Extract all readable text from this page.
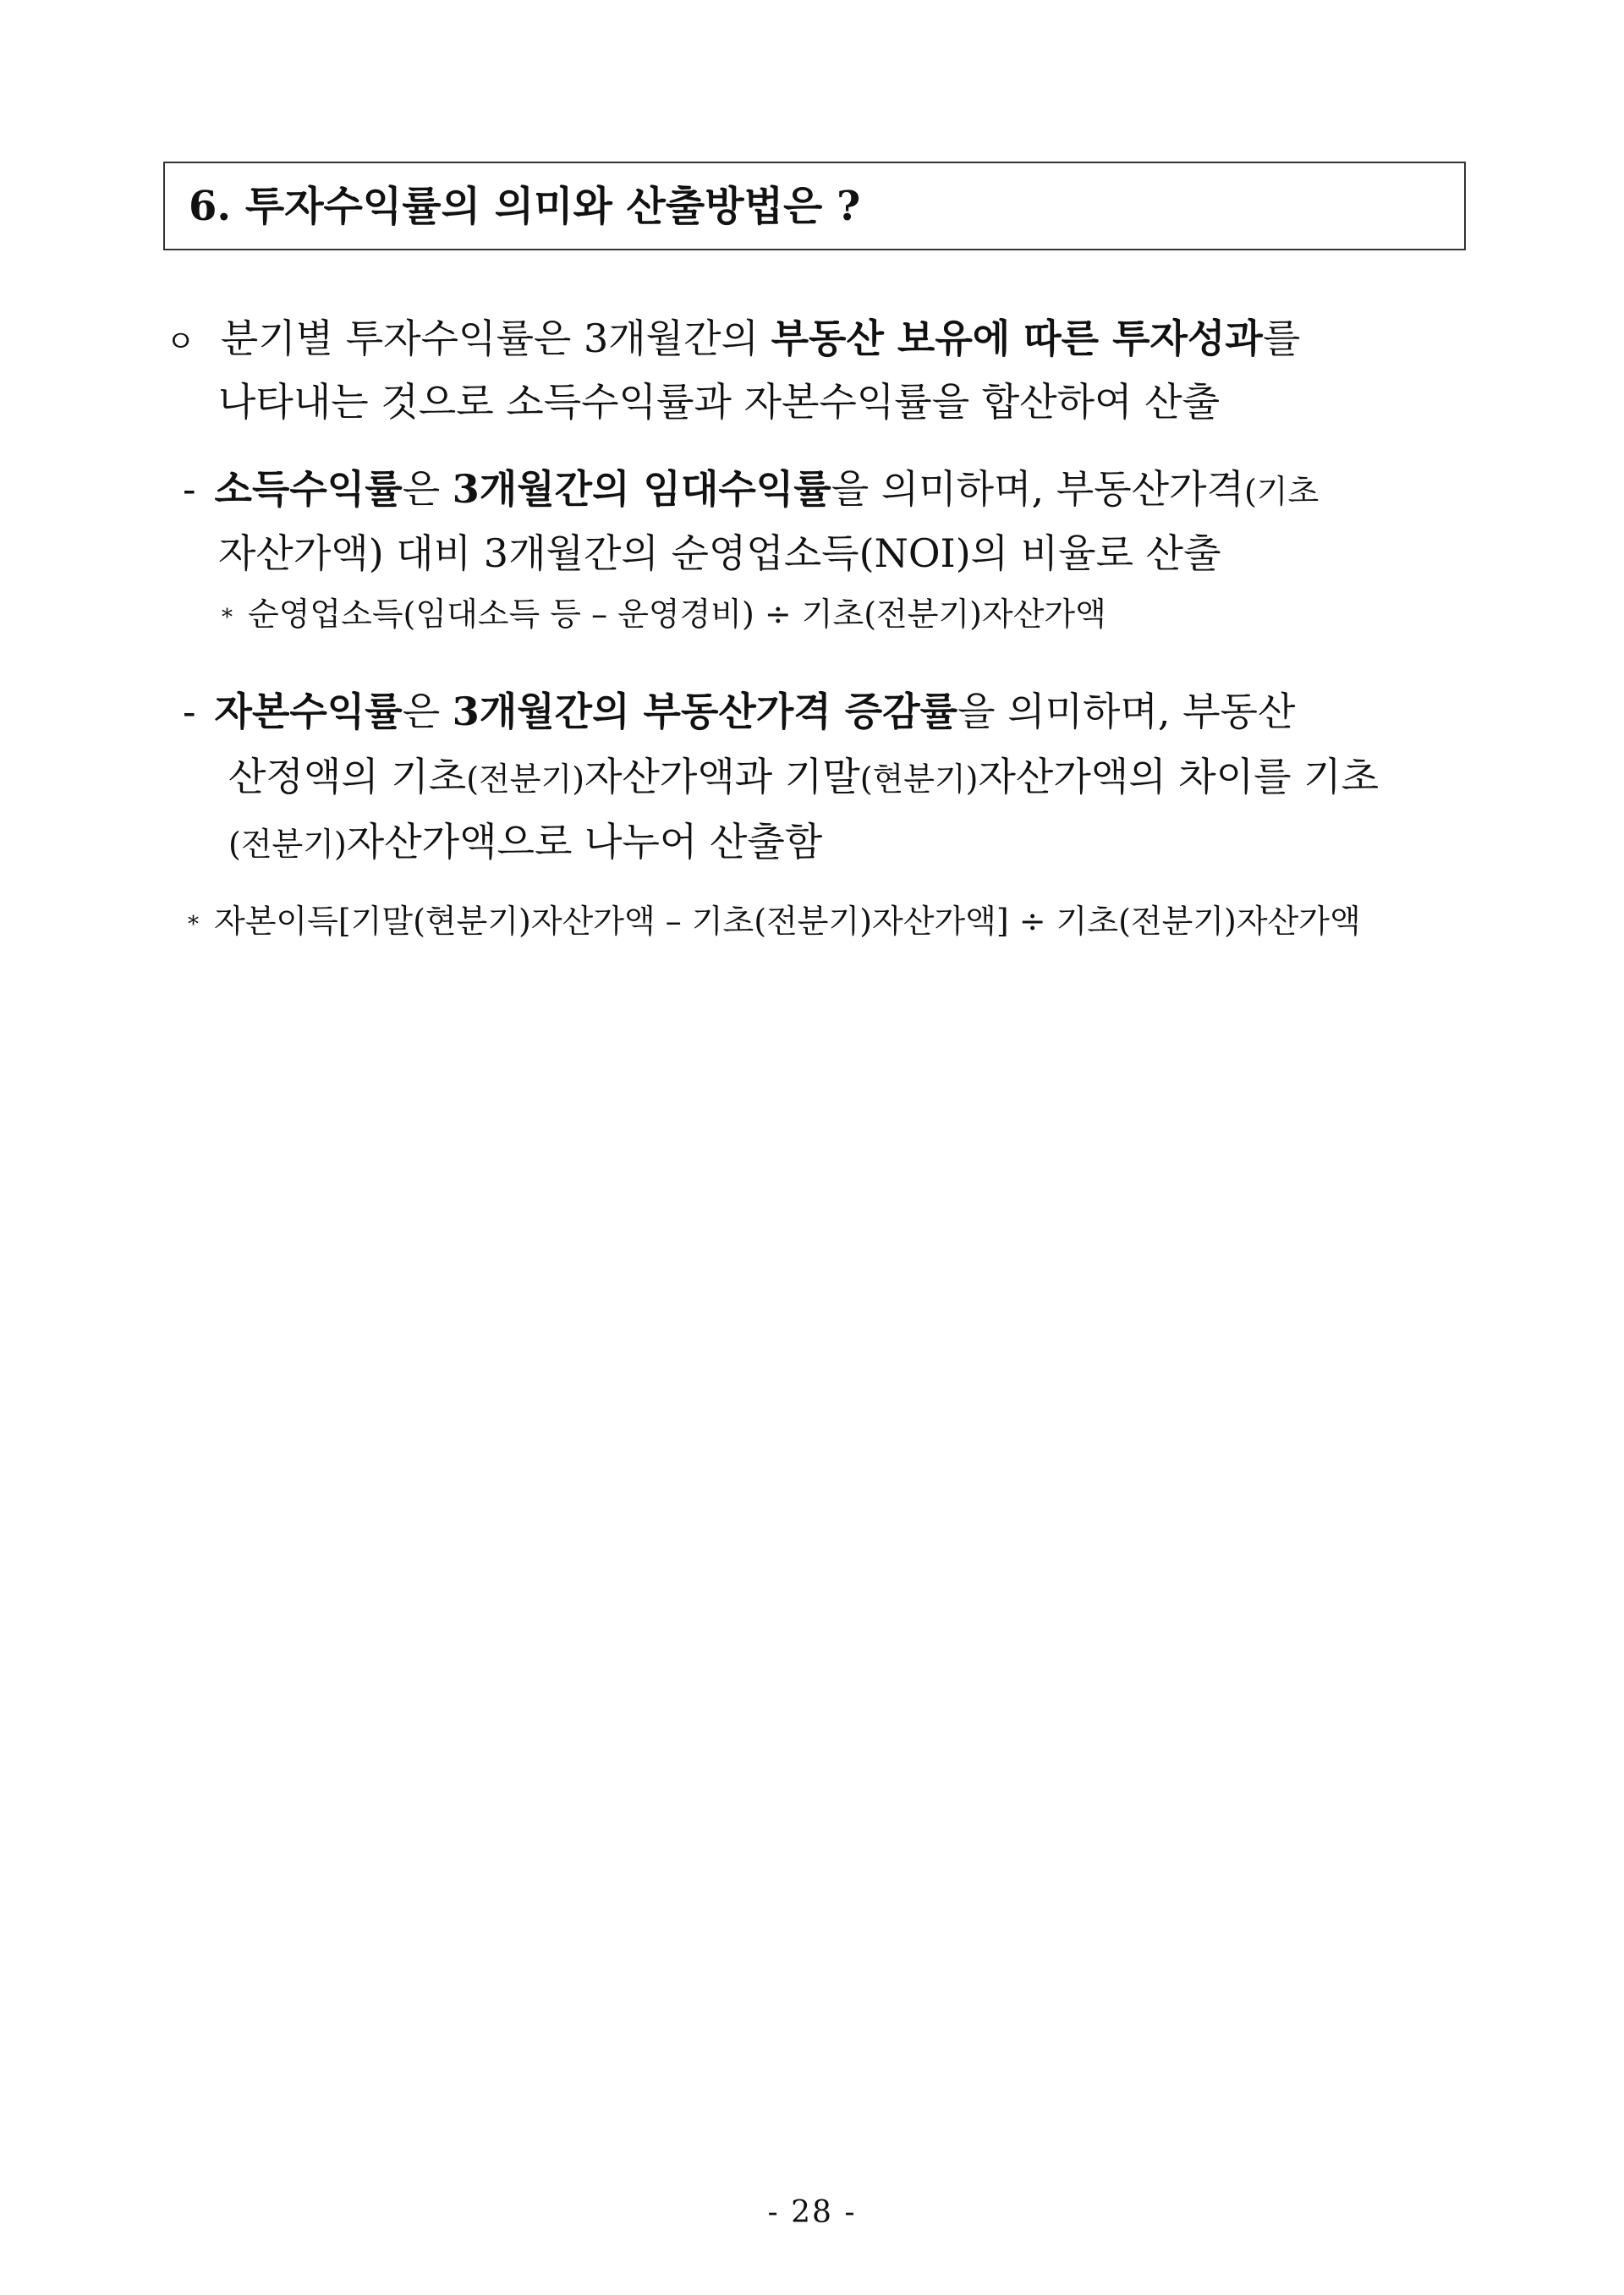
6. 투자수익률의 의미와 산출방법은 ?
ㅇ 분기별 투자수익률은 3개월간의 부동산 보유에 따른 투자성과를
나타내는 것으로 소득수익률과 자본수익률을 합산하여 산출
- 소득수익률은 3개월간의 임대수익률을 의미하며, 부동산가격(기초
자산가액) 대비 3개월간의 순영업소득(NOI)의 비율로 산출
* 순영업소득(임대소득 등 – 운영경비) ÷ 기초(전분기)자산가액
- 자본수익률은 3개월간의 부동산가격 증감률을 의미하며, 부동산
산정액의 기초(전분기)자산가액과 기말(현분기)자산가액의 차이를 기초
(전분기)자산가액으로 나누어 산출함
* 자본이득[기말(현분기)자산가액 – 기초(전분기)자산가액] ÷ 기초(전분기)자산가액
- 28 -
